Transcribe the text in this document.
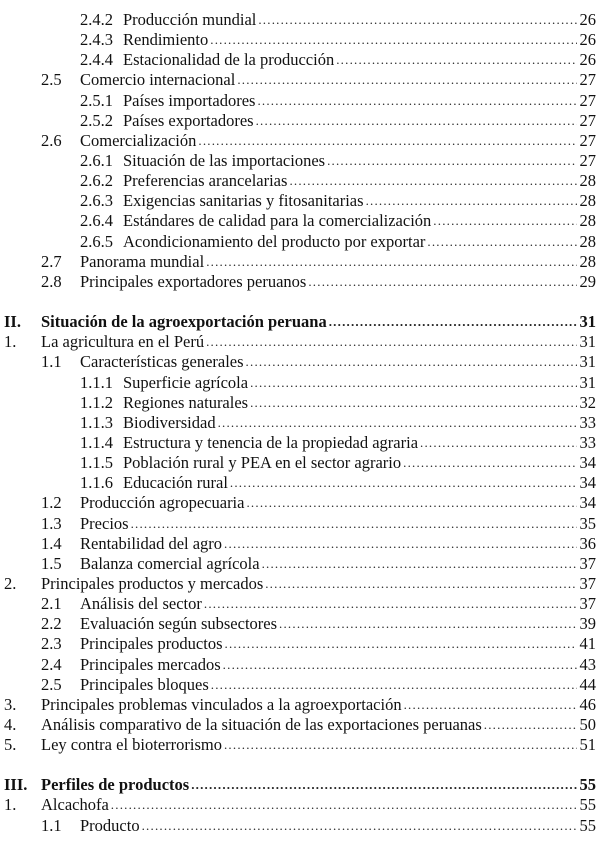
2.4.2 Producción mundial .....	26
2.4.3 Rendimiento .....	26
2.4.4 Estacionalidad de la producción .....	26
2.5 Comercio internacional .....	27
2.5.1 Países importadores .....	27
2.5.2 Países exportadores .....	27
2.6 Comercialización .....	27
2.6.1 Situación de las importaciones .....	27
2.6.2 Preferencias arancelarias .....	28
2.6.3 Exigencias sanitarias y fitosanitarias .....	28
2.6.4 Estándares de calidad para la comercialización .....	28
2.6.5 Acondicionamiento del producto por exportar .....	28
2.7 Panorama mundial .....	28
2.8 Principales exportadores peruanos .....	29
II. Situación de la agroexportación peruana .....	31
1. La agricultura en el Perú .....	31
1.1 Características generales .....	31
1.1.1 Superficie agrícola .....	31
1.1.2 Regiones naturales .....	32
1.1.3 Biodiversidad .....	33
1.1.4 Estructura y tenencia de la propiedad agraria .....	33
1.1.5 Población rural y PEA en el sector agrario .....	34
1.1.6 Educación rural .....	34
1.2 Producción agropecuaria .....	34
1.3 Precios .....	35
1.4 Rentabilidad del agro .....	36
1.5 Balanza comercial agrícola .....	37
2. Principales productos y mercados .....	37
2.1 Análisis del sector .....	37
2.2 Evaluación según subsectores .....	39
2.3 Principales productos .....	41
2.4 Principales mercados .....	43
2.5 Principales bloques .....	44
3. Principales problemas vinculados a la agroexportación .....	46
4. Análisis comparativo de la situación de las exportaciones peruanas .....	50
5. Ley contra el bioterrorismo .....	51
III. Perfiles de productos .....	55
1. Alcachofa .....	55
1.1 Producto .....	55
